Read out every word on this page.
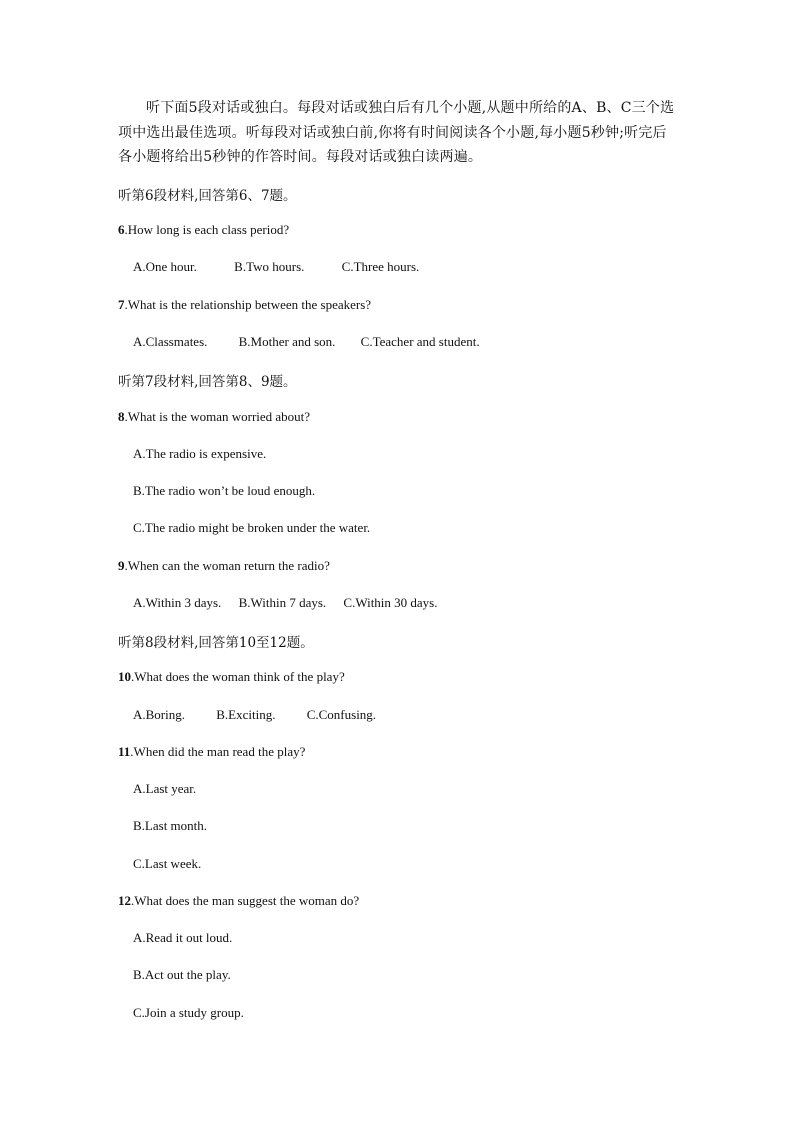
听下面5段对话或独白。每段对话或独白后有几个小题,从题中所给的A、B、C三个选项中选出最佳选项。听每段对话或独白前,你将有时间阅读各个小题,每小题5秒钟;听完后各小题将给出5秒钟的作答时间。每段对话或独白读两遍。
听第6段材料,回答第6、7题。
6.How long is each class period?
A.One hour.	B.Two hours.	C.Three hours.
7.What is the relationship between the speakers?
A.Classmates. B.Mother and son. C.Teacher and student.
听第7段材料,回答第8、9题。
8.What is the woman worried about?
A.The radio is expensive.
B.The radio won’t be loud enough.
C.The radio might be broken under the water.
9.When can the woman return the radio?
A.Within 3 days. B.Within 7 days. C.Within 30 days.
听第8段材料,回答第10至12题。
10.What does the woman think of the play?
A.Boring. B.Exciting. C.Confusing.
11.When did the man read the play?
A.Last year.
B.Last month.
C.Last week.
12.What does the man suggest the woman do?
A.Read it out loud.
B.Act out the play.
C.Join a study group.
